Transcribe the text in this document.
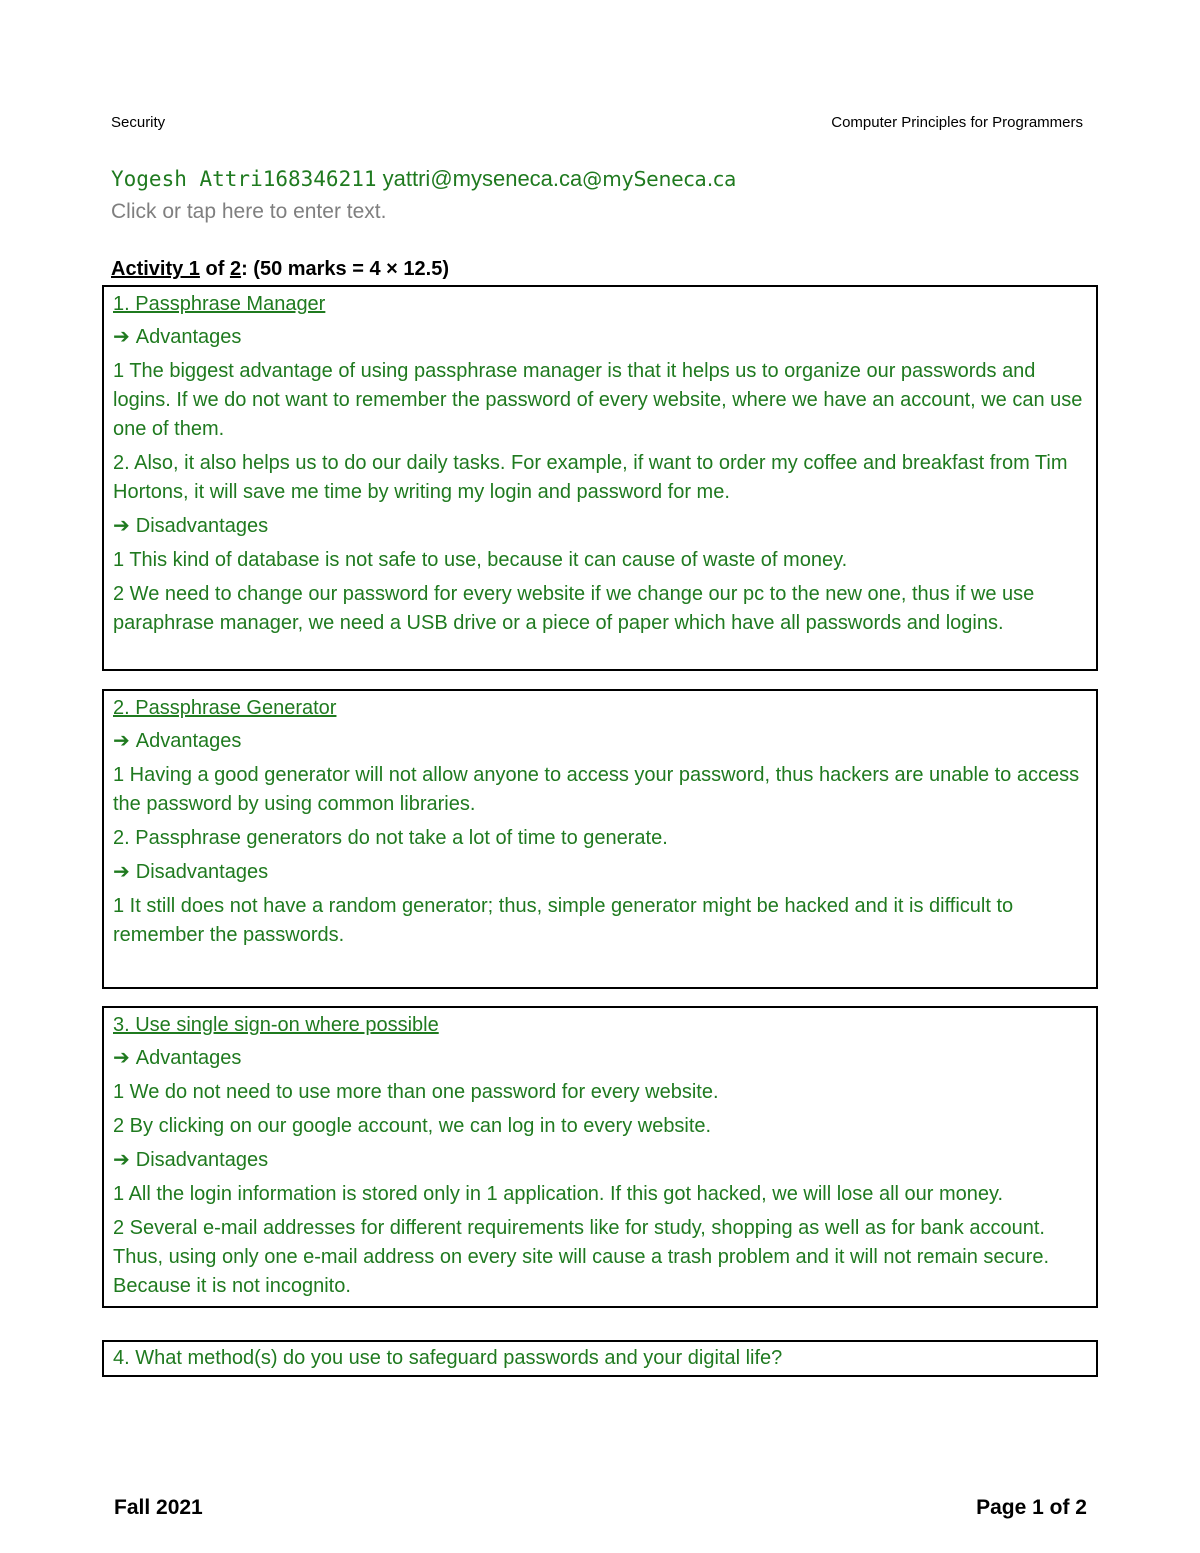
Security	Computer Principles for Programmers
Yogesh Attri168346211 yattri@myseneca.ca@mySeneca.ca
Click or tap here to enter text.
Activity 1 of 2: (50 marks = 4 × 12.5)

1. Passphrase Manager

➔ Advantages

1 The biggest advantage of using passphrase manager is that it helps us to organize our passwords and logins. If we do not want to remember the password of every website, where we have an account, we can use one of them.

2. Also, it also helps us to do our daily tasks. For example, if want to order my coffee and breakfast from Tim Hortons, it will save me time by writing my login and password for me.

➔ Disadvantages

1 This kind of database is not safe to use, because it can cause of waste of money.

2 We need to change our password for every website if we change our pc to the new one, thus if we use paraphrase manager, we need a USB drive or a piece of paper which have all passwords and logins.

2. Passphrase Generator

➔ Advantages

1 Having a good generator will not allow anyone to access your password, thus hackers are unable to access the password by using common libraries.

2. Passphrase generators do not take a lot of time to generate.

➔ Disadvantages

1 It still does not have a random generator; thus, simple generator might be hacked and it is difficult to remember the passwords.

3. Use single sign-on where possible

➔ Advantages

1 We do not need to use more than one password for every website.

2 By clicking on our google account, we can log in to every website.

➔ Disadvantages

1 All the login information is stored only in 1 application. If this got hacked, we will lose all our money.

2 Several e-mail addresses for different requirements like for study, shopping as well as for bank account. Thus, using only one e-mail address on every site will cause a trash problem and it will not remain secure. Because it is not incognito.

4. What method(s) do you use to safeguard passwords and your digital life?

Fall 2021	Page 1 of 2
